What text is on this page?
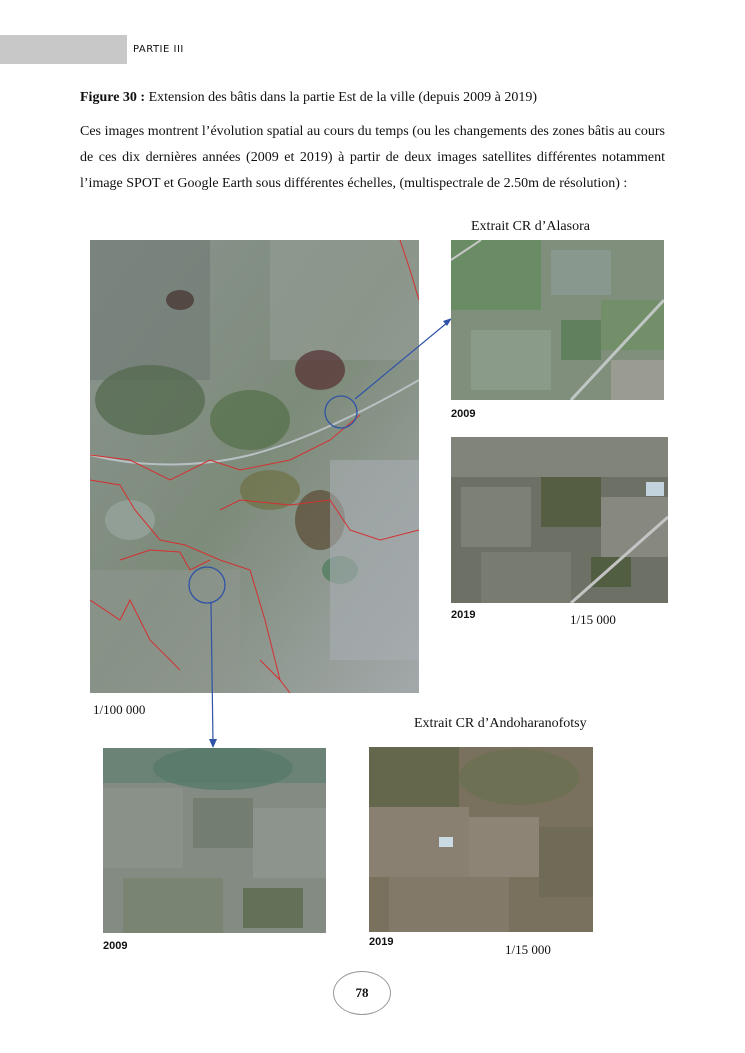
PARTIE III
Figure 30 : Extension des bâtis dans la partie Est de la ville (depuis 2009 à 2019)
Ces images montrent l’évolution spatial au cours du temps (ou les changements des zones bâtis au cours de ces dix dernières années (2009 et 2019) à partir de deux images satellites différentes notamment l’image SPOT et Google Earth sous différentes échelles, (multispectrale de 2.50m de résolution) :
Extrait CR d’Alasora
2009
2019	1/15 000
1/100 000
Extrait CR d’Andoharanofotsy
2009	2019	1/15 000
78
